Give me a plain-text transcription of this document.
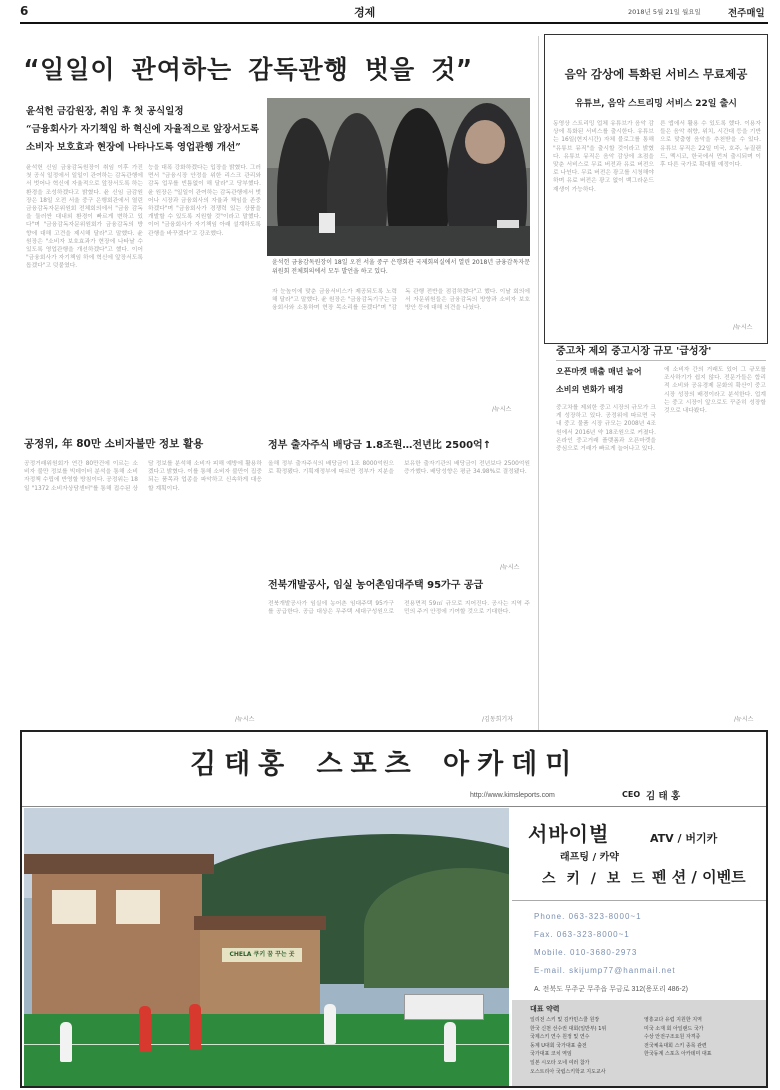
6	경제	2018년 5월 21일 월요일	전주매일
“일일이 관여하는 감독관행 벗을 것”
윤석헌 금감원장, 취임 후 첫 공식일정
“금융회사가 자기책임 하 혁신에 자율적으로 앞장서도록
소비자 보호효과 현장에 나타나도록 영업관행 개선”
윤석헌 금융감독원장이 18일 오전 서울 중구 은행회관 국제회의실에서 열린 2018년 금융감독자문위원회 전체회의에서 모두 발언을 하고 있다.
윤석헌 신임 금융감독원장이 취임 이후 가진 첫 공식 일정에서 일일이 관여하는 감독관행에서 벗어나 혁신에 자율적으로 앞장서도록 하는 환경을 조성하겠다고 밝혔다. 윤 신임 금감원장은 18일 오전 서울 중구 은행회관에서 열린 금융감독자문위원회 전체회의에서 "금융 감독을 둘러싼 대내외 환경이 빠르게 변하고 있다"며 "금융감독자문위원회가 금융감독의 방향에 대해 고견을 제시해 달라"고 말했다. 윤 원장은 "소비자 보호효과가 현장에 나타날 수 있도록 영업관행을 개선하겠다"고 했다. 이어 "금융회사가 자기책임 하에 혁신에 앞장서도록 돕겠다"고 덧붙였다.
능을 대폭 강화하겠다는 입장을 밝혔다. 그러면서 "금융시장 안정을 위한 리스크 관리와 감독 업무를 빈틈없이 해 달라"고 당부했다. 윤 원장은 "일일이 관여하는 감독관행에서 벗어나 시장과 금융회사의 자율과 책임을 존중하겠다"며 "금융회사가 경쟁력 있는 상품을 개발할 수 있도록 지원할 것"이라고 말했다. 이어 "금융회사가 자기책임 아래 설계하도록 관행을 바꾸겠다"고 강조했다.
자 눈높이에 맞춘 금융서비스가 제공되도록 노력해 달라"고 말했다. 윤 원장은 "금융감독기구는 금융회사와 소통하며 현장 목소리를 듣겠다"며 "감독 관행 전반을 점검하겠다"고 했다. 이날 회의에서 자문위원들은 금융감독의 방향과 소비자 보호 방안 등에 대해 의견을 나눴다.
/뉴시스
음악 감상에 특화된 서비스 무료제공
유튜브, 음악 스트리밍 서비스 22일 출시
동영상 스트리밍 업체 유튜브가 음악 감상에 특화된 서비스를 출시한다. 유튜브는 16일(현지시간) 자체 블로그를 통해 "유튜브 뮤직"을 출시할 것이라고 밝혔다. 유튜브 뮤직은 음악 감상에 초점을 맞춘 서비스로 무료 버전과 유료 버전으로 나뉜다. 무료 버전은 광고를 시청해야 하며 유료 버전은 광고 없이 백그라운드 재생이 가능하다.
른 앱에서 활용 수 있도록 했다. 이용자들은 음악 취향, 위치, 시간대 등을 기반으로 맞춤형 음악을 추천받을 수 있다. 유튜브 뮤직은 22일 미국, 호주, 뉴질랜드, 멕시코, 한국에서 먼저 출시되며 이후 다른 국가로 확대될 예정이다.
/뉴시스
중고차 제외 중고시장 규모 '급성장'
오픈마켓 매출 매년 늘어
소비의 변화가 배경
중고차를 제외한 중고 시장의 규모가 크게 성장하고 있다. 공정위에 따르면 국내 중고 물품 시장 규모는 2008년 4조원에서 2016년 약 18조원으로 커졌다. 온라인 중고거래 플랫폼과 오픈마켓을 중심으로 거래가 빠르게 늘어나고 있다.
에 소비자 간의 거래도 있어 그 규모를 조사하기가 쉽지 않다. 전문가들은 합리적 소비와 공유경제 문화의 확산이 중고시장 성장의 배경이라고 분석한다. 업계는 중고 시장이 앞으로도 꾸준히 성장할 것으로 내다봤다.
/뉴시스
공정위, 年 80만 소비자불만 정보 활용
공정거래위원회가 연간 80만건에 이르는 소비자 불만 정보를 빅데이터 분석을 통해 소비자정책 수립에 반영할 방침이다. 공정위는 18일 "1372 소비자상담센터"를 통해 접수된 상담 정보를 분석해 소비자 피해 예방에 활용하겠다고 밝혔다. 이를 통해 소비자 불만이 집중되는 품목과 업종을 파악하고 신속하게 대응할 계획이다.
/뉴시스
정부 출자주식 배당금 1.8조원…전년比 2500억↑
올해 정부 출자주식의 배당금이 1조 8000억원으로 확정됐다. 기획재정부에 따르면 정부가 지분을 보유한 출자기관의 배당금이 전년보다 2500억원 증가했다. 배당성향은 평균 34.98%로 결정됐다.
/뉴시스
전북개발공사, 임실 농어촌임대주택 95가구 공급
전북개발공사가 임실에 농어촌 임대주택 95가구를 공급한다. 공급 대상은 무주택 세대구성원으로 전용면적 59㎡ 규모로 지어진다. 공사는 지역 주민의 주거 안정에 기여할 것으로 기대한다.
/김동희기자
김태홍 스포츠 아카데미
http://www.kimsleports.com	CEO 김 태 홍
CHELA 쿠키 꿈 꾸는 곳
서바이벌
래프팅 / 카약
스 키 / 보 드
ATV / 버기카
펜 션 / 이벤트
Phone. 063-323-8000~1
Fax. 063-323-8000~1
Mobile. 010-3680-2973
E-mail. skijump77@hanmail.net
A. 전북도 무주군 무주읍 무금로 312(용포리 486-2)
대표 약력
일리전 스키 및 김카민스쿨 원장
한국 신천 선수권 대회(일반부) 1위
국제스키 연수 원정 및 연수
동계 U대회 국가대표 출전
국가대표 코치 역임
일본 시오타 오네 여러 참가
오스트리아 국립스키학교 지도교사
영흥교다 유럽 지원한 지역
미국 소재 회 아일랜드 국가
수상 안전구조요원 자격증
전국체육대회 스키 종목 관련
한국동계 스포츠 아카데미 대표
